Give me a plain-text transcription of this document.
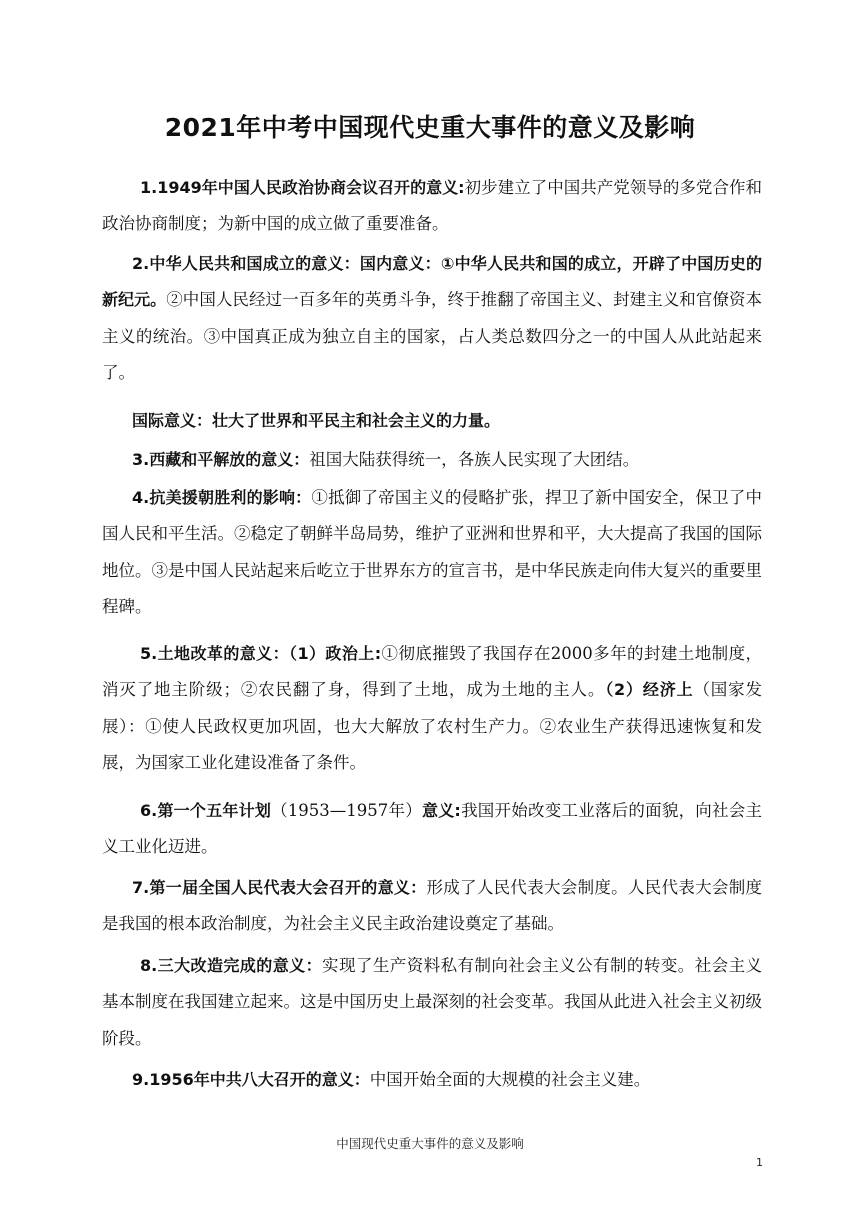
2021年中考中国现代史重大事件的意义及影响

1.1949年中国人民政治协商会议召开的意义:初步建立了中国共产党领导的多党合作和政治协商制度；为新中国的成立做了重要准备。

2.中华人民共和国成立的意义：国内意义：①中华人民共和国的成立，开辟了中国历史的新纪元。②中国人民经过一百多年的英勇斗争，终于推翻了帝国主义、封建主义和官僚资本主义的统治。③中国真正成为独立自主的国家，占人类总数四分之一的中国人从此站起来了。

国际意义：壮大了世界和平民主和社会主义的力量。

3.西藏和平解放的意义：祖国大陆获得统一，各族人民实现了大团结。

4.抗美援朝胜利的影响：①抵御了帝国主义的侵略扩张，捍卫了新中国安全，保卫了中国人民和平生活。②稳定了朝鲜半岛局势，维护了亚洲和世界和平，大大提高了我国的国际地位。③是中国人民站起来后屹立于世界东方的宣言书，是中华民族走向伟大复兴的重要里程碑。

5.土地改革的意义：（1）政治上:①彻底摧毁了我国存在2000多年的封建土地制度，消灭了地主阶级；②农民翻了身，得到了土地，成为土地的主人。（2）经济上（国家发展）：①使人民政权更加巩固，也大大解放了农村生产力。②农业生产获得迅速恢复和发展，为国家工业化建设准备了条件。

6.第一个五年计划（1953—1957年）意义:我国开始改变工业落后的面貌，向社会主义工业化迈进。

7.第一届全国人民代表大会召开的意义：形成了人民代表大会制度。人民代表大会制度是我国的根本政治制度，为社会主义民主政治建设奠定了基础。

8.三大改造完成的意义：实现了生产资料私有制向社会主义公有制的转变。社会主义基本制度在我国建立起来。这是中国历史上最深刻的社会变革。我国从此进入社会主义初级阶段。

9.1956年中共八大召开的意义：中国开始全面的大规模的社会主义建。

中国现代史重大事件的意义及影响
1
